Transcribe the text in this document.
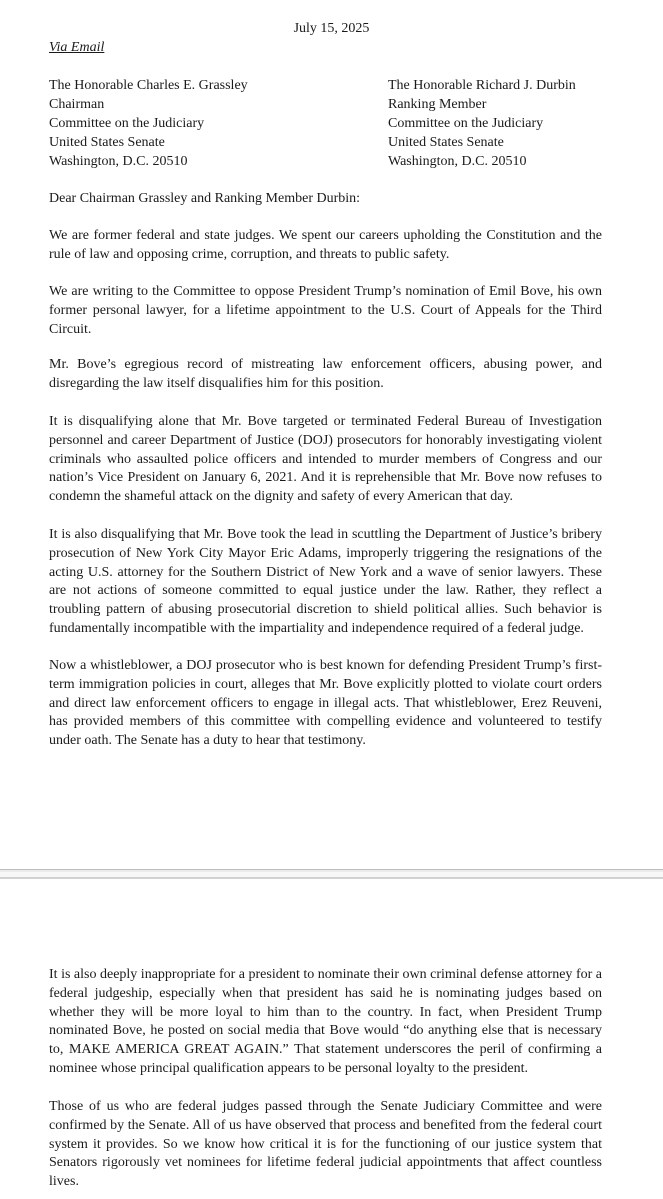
July 15, 2025
Via Email
The Honorable Charles E. Grassley
Chairman
Committee on the Judiciary
United States Senate
Washington, D.C. 20510
The Honorable Richard J. Durbin
Ranking Member
Committee on the Judiciary
United States Senate
Washington, D.C. 20510
Dear Chairman Grassley and Ranking Member Durbin:

We are former federal and state judges. We spent our careers upholding the Constitution and the rule of law and opposing crime, corruption, and threats to public safety.

We are writing to the Committee to oppose President Trump’s nomination of Emil Bove, his own former personal lawyer, for a lifetime appointment to the U.S. Court of Appeals for the Third Circuit.

Mr. Bove’s egregious record of mistreating law enforcement officers, abusing power, and disregarding the law itself disqualifies him for this position.

It is disqualifying alone that Mr. Bove targeted or terminated Federal Bureau of Investigation personnel and career Department of Justice (DOJ) prosecutors for honorably investigating violent criminals who assaulted police officers and intended to murder members of Congress and our nation’s Vice President on January 6, 2021. And it is reprehensible that Mr. Bove now refuses to condemn the shameful attack on the dignity and safety of every American that day.

It is also disqualifying that Mr. Bove took the lead in scuttling the Department of Justice’s bribery prosecution of New York City Mayor Eric Adams, improperly triggering the resignations of the acting U.S. attorney for the Southern District of New York and a wave of senior lawyers. These are not actions of someone committed to equal justice under the law. Rather, they reflect a troubling pattern of abusing prosecutorial discretion to shield political allies. Such behavior is fundamentally incompatible with the impartiality and independence required of a federal judge.

Now a whistleblower, a DOJ prosecutor who is best known for defending President Trump’s first-term immigration policies in court, alleges that Mr. Bove explicitly plotted to violate court orders and direct law enforcement officers to engage in illegal acts. That whistleblower, Erez Reuveni, has provided members of this committee with compelling evidence and volunteered to testify under oath. The Senate has a duty to hear that testimony.

It is also deeply inappropriate for a president to nominate their own criminal defense attorney for a federal judgeship, especially when that president has said he is nominating judges based on whether they will be more loyal to him than to the country. In fact, when President Trump nominated Bove, he posted on social media that Bove would “do anything else that is necessary to, MAKE AMERICA GREAT AGAIN.” That statement underscores the peril of confirming a nominee whose principal qualification appears to be personal loyalty to the president.

Those of us who are federal judges passed through the Senate Judiciary Committee and were confirmed by the Senate. All of us have observed that process and benefited from the federal court system it provides. So we know how critical it is for the functioning of our justice system that Senators rigorously vet nominees for lifetime federal judicial appointments that affect countless lives.
